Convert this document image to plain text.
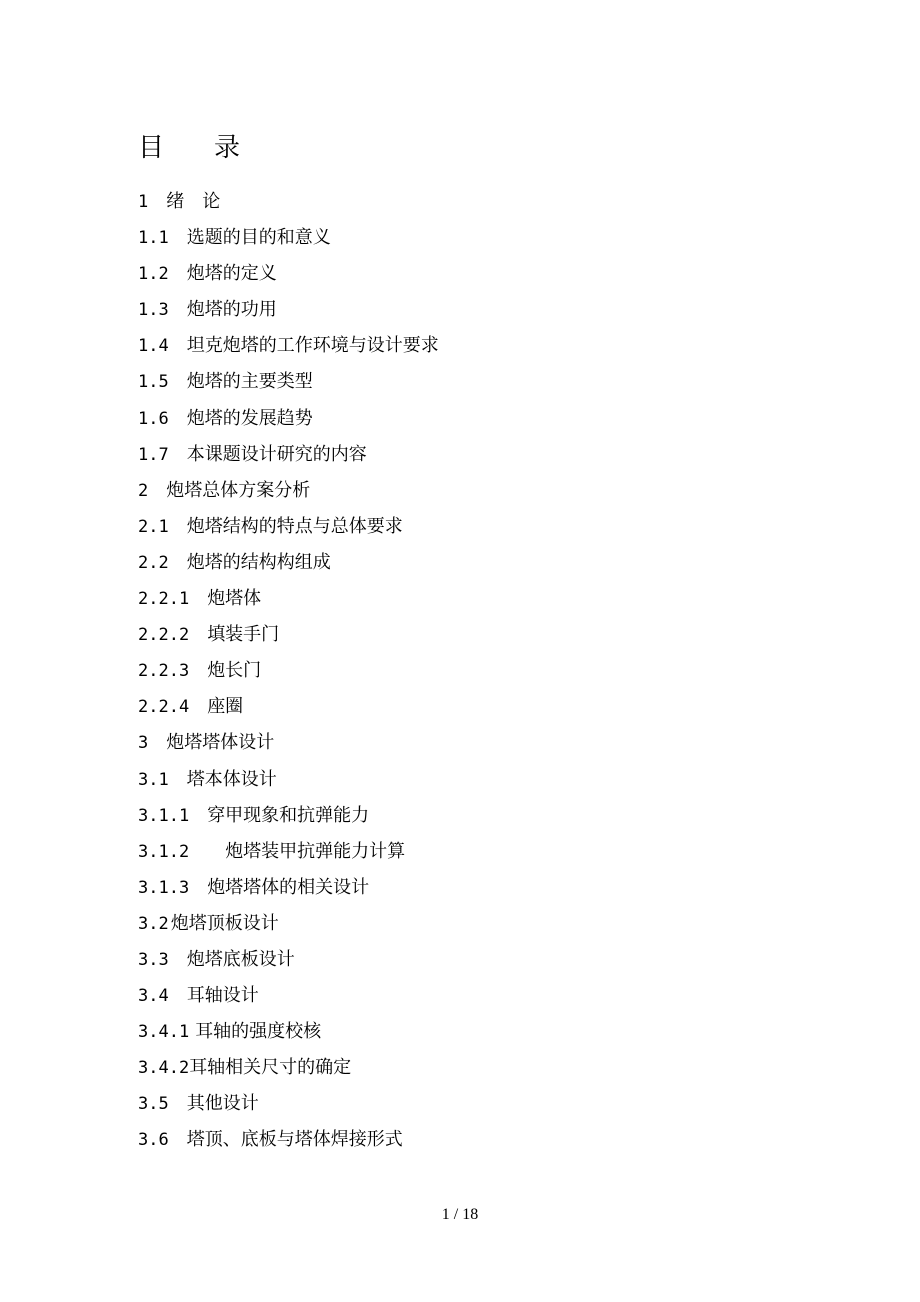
目 录
1 绪　论
1.1 选题的目的和意义
1.2 炮塔的定义
1.3 炮塔的功用
1.4 坦克炮塔的工作环境与设计要求
1.5 炮塔的主要类型
1.6 炮塔的发展趋势
1.7 本课题设计研究的内容
2 炮塔总体方案分析
2.1 炮塔结构的特点与总体要求
2.2 炮塔的结构构组成
2.2.1 炮塔体
2.2.2 填装手门
2.2.3 炮长门
2.2.4 座圈
3 炮塔塔体设计
3.1 塔本体设计
3.1.1 穿甲现象和抗弹能力
3.1.2 炮塔装甲抗弹能力计算
3.1.3 炮塔塔体的相关设计
3.2 炮塔顶板设计
3.3 炮塔底板设计
3.4 耳轴设计
3.4.1 耳轴的强度校核
3.4.2耳轴相关尺寸的确定
3.5 其他设计
3.6 塔顶、底板与塔体焊接形式
1 / 18
